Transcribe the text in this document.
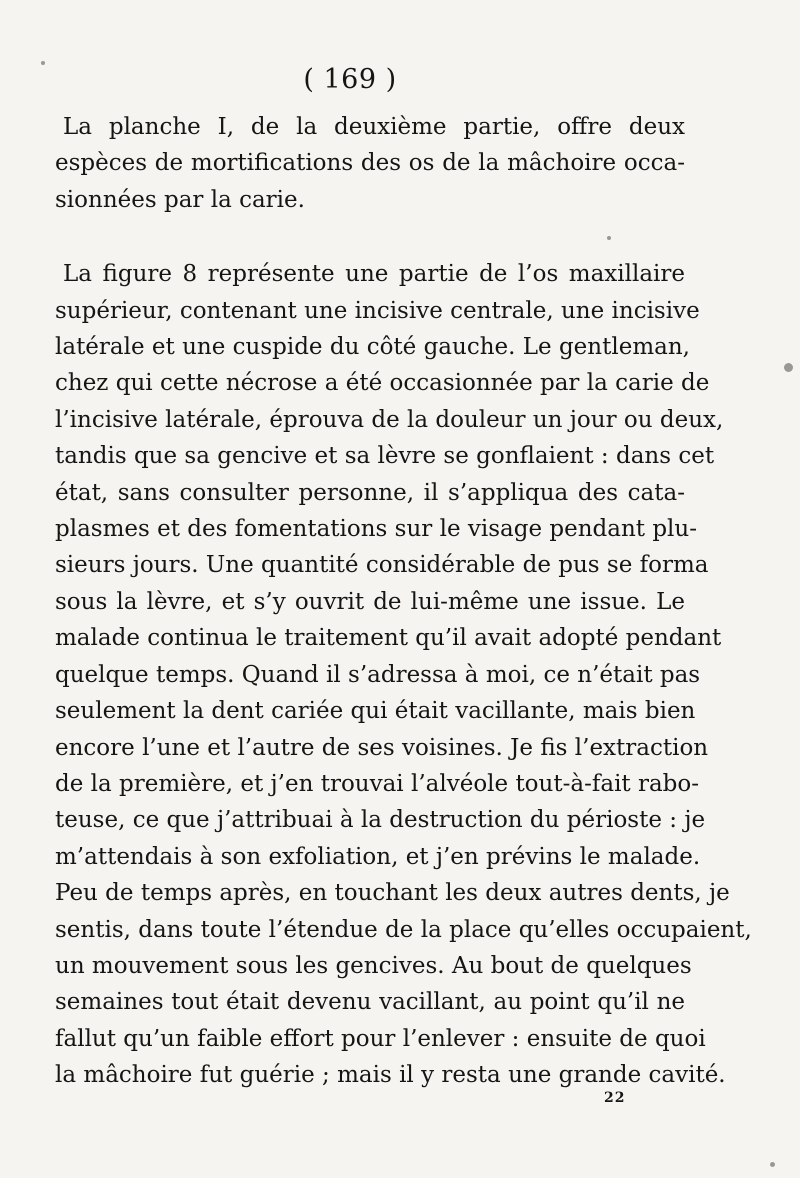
( 169 )

La planche I, de la deuxième partie, offre deux
espèces de mortifications des os de la mâchoire occa-
sionnées par la carie.

La figure 8 représente une partie de l’os maxillaire
supérieur, contenant une incisive centrale, une incisive
latérale et une cuspide du côté gauche. Le gentleman,
chez qui cette nécrose a été occasionnée par la carie de
l’incisive latérale, éprouva de la douleur un jour ou deux,
tandis que sa gencive et sa lèvre se gonflaient : dans cet
état, sans consulter personne, il s’appliqua des cata-
plasmes et des fomentations sur le visage pendant plu-
sieurs jours. Une quantité considérable de pus se forma
sous la lèvre, et s’y ouvrit de lui-même une issue. Le
malade continua le traitement qu’il avait adopté pendant
quelque temps. Quand il s’adressa à moi, ce n’était pas
seulement la dent cariée qui était vacillante, mais bien
encore l’une et l’autre de ses voisines. Je fis l’extraction
de la première, et j’en trouvai l’alvéole tout-à-fait rabo-
teuse, ce que j’attribuai à la destruction du périoste : je
m’attendais à son exfoliation, et j’en prévins le malade.
Peu de temps après, en touchant les deux autres dents, je
sentis, dans toute l’étendue de la place qu’elles occupaient,
un mouvement sous les gencives. Au bout de quelques
semaines tout était devenu vacillant, au point qu’il ne
fallut qu’un faible effort pour l’enlever : ensuite de quoi
la mâchoire fut guérie ; mais il y resta une grande cavité.

22
